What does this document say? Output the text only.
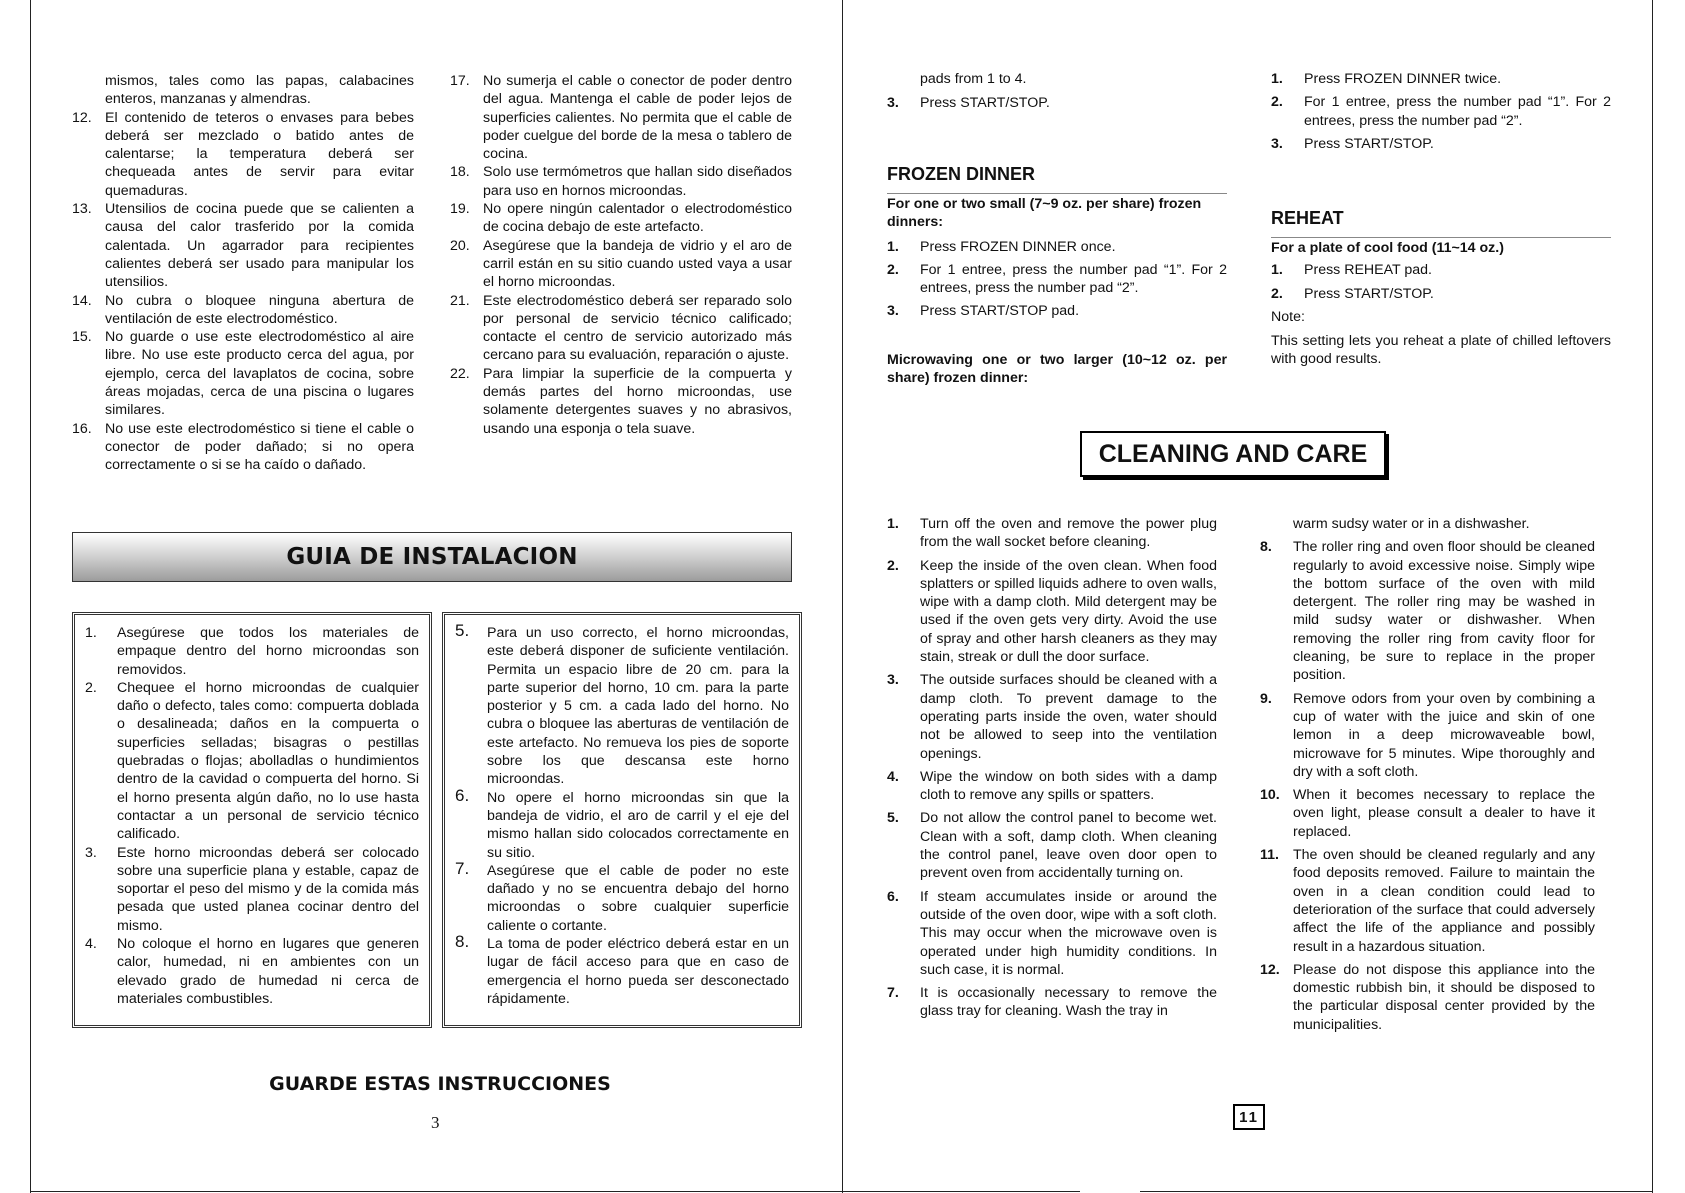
mismos, tales como las papas, calabacines enteros, manzanas y almendras.
12. El contenido de teteros o envases para bebes deberá ser mezclado o batido antes de calentarse; la temperatura deberá ser chequeada antes de servir para evitar quemaduras.
13. Utensilios de cocina puede que se calienten a causa del calor trasferido por la comida calentada. Un agarrador para recipientes calientes deberá ser usado para manipular los utensilios.
14. No cubra o bloquee ninguna abertura de ventilación de este electrodoméstico.
15. No guarde o use este electrodoméstico al aire libre. No use este producto cerca del agua, por ejemplo, cerca del lavaplatos de cocina, sobre áreas mojadas, cerca de una piscina o lugares similares.
16. No use este electrodoméstico si tiene el cable o conector de poder dañado; si no opera correctamente o si se ha caído o dañado.
17. No sumerja el cable o conector de poder dentro del agua. Mantenga el cable de poder lejos de superficies calientes. No permita que el cable de poder cuelgue del borde de la mesa o tablero de cocina.
18. Solo use termómetros que hallan sido diseñados para uso en hornos microondas.
19. No opere ningún calentador o electrodoméstico de cocina debajo de este artefacto.
20. Asegúrese que la bandeja de vidrio y el aro de carril están en su sitio cuando usted vaya a usar el horno microondas.
21. Este electrodoméstico deberá ser reparado solo por personal de servicio técnico calificado; contacte el centro de servicio autorizado más cercano para su evaluación, reparación o ajuste.
22. Para limpiar la superficie de la compuerta y demás partes del horno microondas, use solamente detergentes suaves y no abrasivos, usando una esponja o tela suave.
GUIA DE INSTALACION
1. Asegúrese que todos los materiales de empaque dentro del horno microondas son removidos.
2. Chequee el horno microondas de cualquier daño o defecto, tales como: compuerta doblada o desalineada; daños en la compuerta o superficies selladas; bisagras o pestillas quebradas o flojas; abolladlas o hundimientos dentro de la cavidad o compuerta del horno. Si el horno presenta algún daño, no lo use hasta contactar a un personal de servicio técnico calificado.
3. Este horno microondas deberá ser colocado sobre una superficie plana y estable, capaz de soportar el peso del mismo y de la comida más pesada que usted planea cocinar dentro del mismo.
4. No coloque el horno en lugares que generen calor, humedad, ni en ambientes con un elevado grado de humedad ni cerca de materiales combustibles.
5. Para un uso correcto, el horno microondas, este deberá disponer de suficiente ventilación. Permita un espacio libre de 20 cm. para la parte superior del horno, 10 cm. para la parte posterior y 5 cm. a cada lado del horno. No cubra o bloquee las aberturas de ventilación de este artefacto. No remueva los pies de soporte sobre los que descansa este horno microondas.
6. No opere el horno microondas sin que la bandeja de vidrio, el aro de carril y el eje del mismo hallan sido colocados correctamente en su sitio.
7. Asegúrese que el cable de poder no este dañado y no se encuentra debajo del horno microondas o sobre cualquier superficie caliente o cortante.
8. La toma de poder eléctrico deberá estar en un lugar de fácil acceso para que en caso de emergencia el horno pueda ser desconectado rápidamente.
GUARDE ESTAS INSTRUCCIONES
3
pads from 1 to 4.
3. Press START/STOP.
FROZEN DINNER
For one or two small (7~9 oz. per share) frozen dinners:
1. Press FROZEN DINNER once.
2. For 1 entree, press the number pad “1”. For 2 entrees, press the number pad “2”.
3. Press START/STOP pad.
Microwaving one or two larger (10~12 oz. per share) frozen dinner:
1. Press FROZEN DINNER twice.
2. For 1 entree, press the number pad “1”. For 2 entrees, press the number pad “2”.
3. Press START/STOP.
REHEAT
For a plate of cool food (11~14 oz.)
1. Press REHEAT pad.
2. Press START/STOP.
Note:
This setting lets you reheat a plate of chilled leftovers with good results.
CLEANING AND CARE
1. Turn off the oven and remove the power plug from the wall socket before cleaning.
2. Keep the inside of the oven clean. When food splatters or spilled liquids adhere to oven walls, wipe with a damp cloth. Mild detergent may be used if the oven gets very dirty. Avoid the use of spray and other harsh cleaners as they may stain, streak or dull the door surface.
3. The outside surfaces should be cleaned with a damp cloth. To prevent damage to the operating parts inside the oven, water should not be allowed to seep into the ventilation openings.
4. Wipe the window on both sides with a damp cloth to remove any spills or spatters.
5. Do not allow the control panel to become wet. Clean with a soft, damp cloth. When cleaning the control panel, leave oven door open to prevent oven from accidentally turning on.
6. If steam accumulates inside or around the outside of the oven door, wipe with a soft cloth. This may occur when the microwave oven is operated under high humidity conditions. In such case, it is normal.
7. It is occasionally necessary to remove the glass tray for cleaning. Wash the tray in
warm sudsy water or in a dishwasher.
8. The roller ring and oven floor should be cleaned regularly to avoid excessive noise. Simply wipe the bottom surface of the oven with mild detergent. The roller ring may be washed in mild sudsy water or dishwasher. When removing the roller ring from cavity floor for cleaning, be sure to replace in the proper position.
9. Remove odors from your oven by combining a cup of water with the juice and skin of one lemon in a deep microwaveable bowl, microwave for 5 minutes. Wipe thoroughly and dry with a soft cloth.
10. When it becomes necessary to replace the oven light, please consult a dealer to have it replaced.
11. The oven should be cleaned regularly and any food deposits removed. Failure to maintain the oven in a clean condition could lead to deterioration of the surface that could adversely affect the life of the appliance and possibly result in a hazardous situation.
12. Please do not dispose this appliance into the domestic rubbish bin, it should be disposed to the particular disposal center provided by the municipalities.
11
